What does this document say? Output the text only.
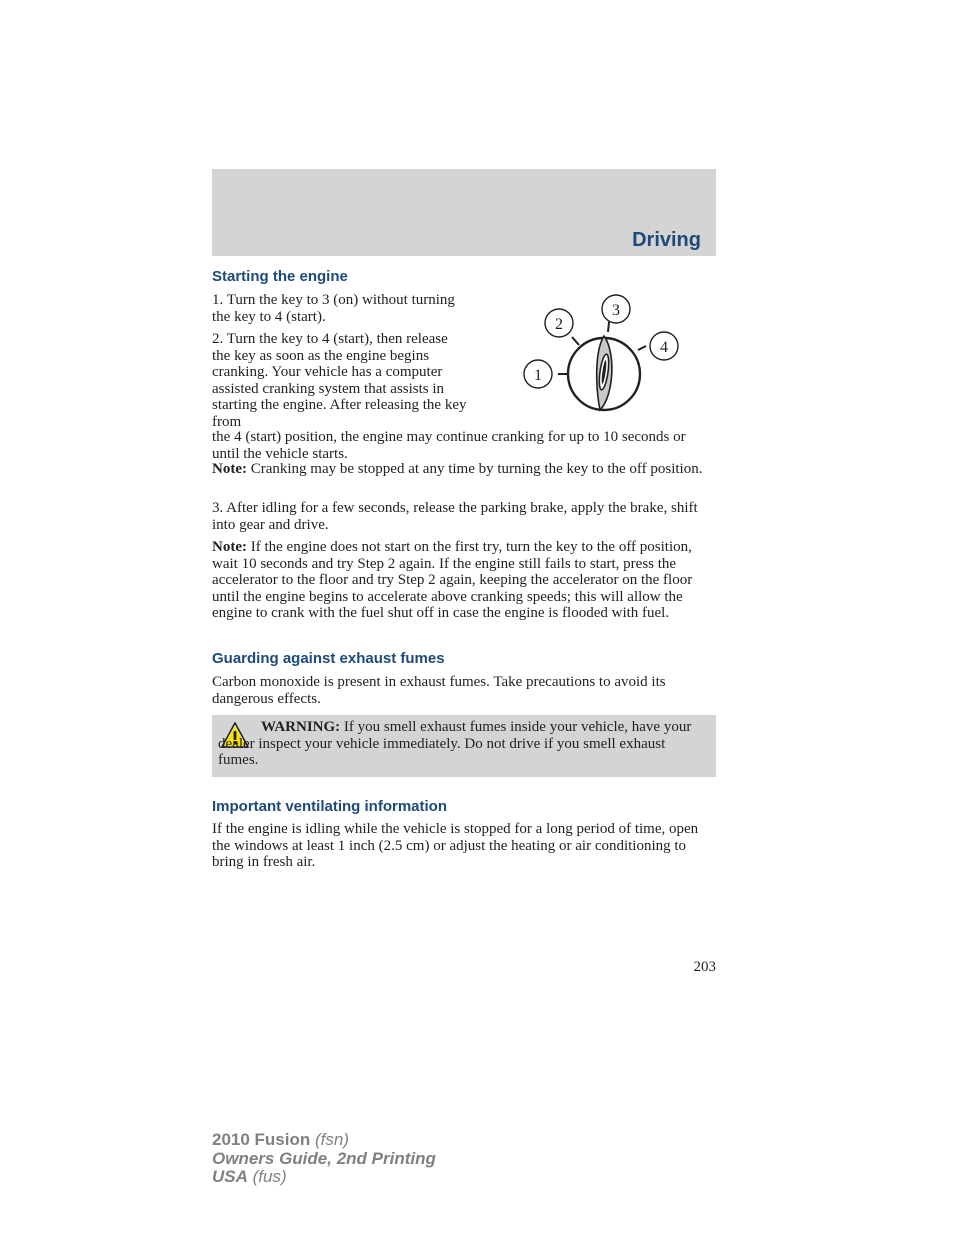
Driving
Starting the engine

1. Turn the key to 3 (on) without turning the key to 4 (start).

2. Turn the key to 4 (start), then release the key as soon as the engine begins cranking. Your vehicle has a computer assisted cranking system that assists in starting the engine. After releasing the key from

1
2
3
4

the 4 (start) position, the engine may continue cranking for up to 10 seconds or until the vehicle starts.

Note: Cranking may be stopped at any time by turning the key to the off position.

3. After idling for a few seconds, release the parking brake, apply the brake, shift into gear and drive.

Note: If the engine does not start on the first try, turn the key to the off position, wait 10 seconds and try Step 2 again. If the engine still fails to start, press the accelerator to the floor and try Step 2 again, keeping the accelerator on the floor until the engine begins to accelerate above cranking speeds; this will allow the engine to crank with the fuel shut off in case the engine is flooded with fuel.

Guarding against exhaust fumes

Carbon monoxide is present in exhaust fumes. Take precautions to avoid its dangerous effects.

WARNING: If you smell exhaust fumes inside your vehicle, have your dealer inspect your vehicle immediately. Do not drive if you smell exhaust fumes.

Important ventilating information

If the engine is idling while the vehicle is stopped for a long period of time, open the windows at least 1 inch (2.5 cm) or adjust the heating or air conditioning to bring in fresh air.

203
2010 Fusion (fsn)
Owners Guide, 2nd Printing
USA (fus)
